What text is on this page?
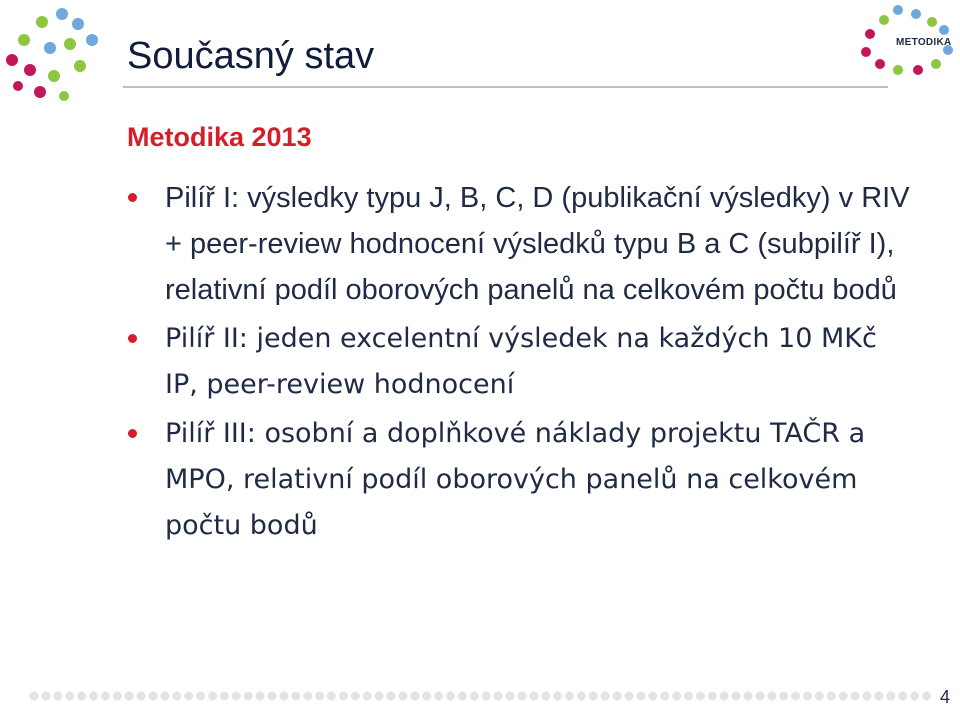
METODIKA
Současný stav
Metodika 2013
Pilíř I: výsledky typu J, B, C, D (publikační výsledky) v RIV + peer-review hodnocení výsledků typu B a C (subpilíř I), relativní podíl oborových panelů na celkovém počtu bodů
Pilíř II: jeden excelentní výsledek na každých 10 MKč IP, peer-review hodnocení
Pilíř III: osobní a doplňkové náklady projektu TAČR a MPO, relativní podíl oborových panelů na celkovém počtu bodů
4
